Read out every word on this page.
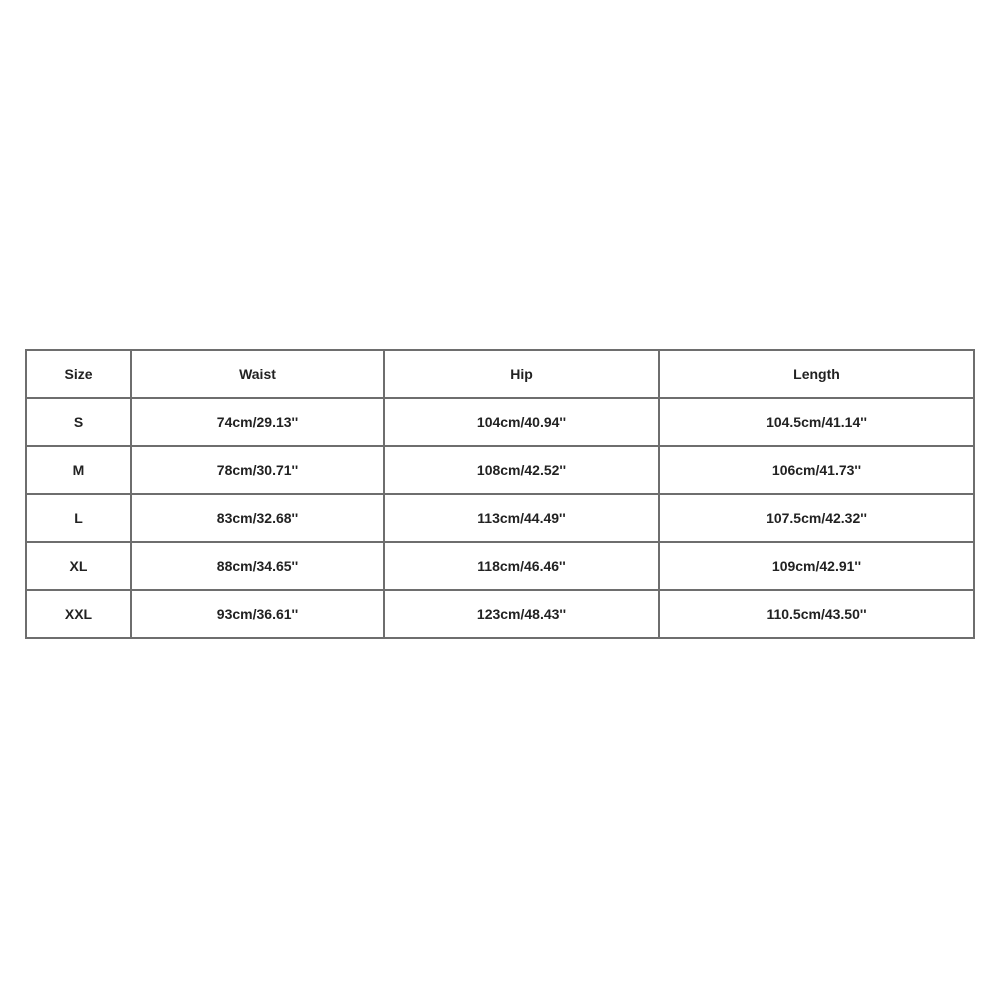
Size	Waist	Hip	Length
S	74cm/29.13''	104cm/40.94''	104.5cm/41.14''
M	78cm/30.71''	108cm/42.52''	106cm/41.73''
L	83cm/32.68''	113cm/44.49''	107.5cm/42.32''
XL	88cm/34.65''	118cm/46.46''	109cm/42.91''
XXL	93cm/36.61''	123cm/48.43''	110.5cm/43.50''
